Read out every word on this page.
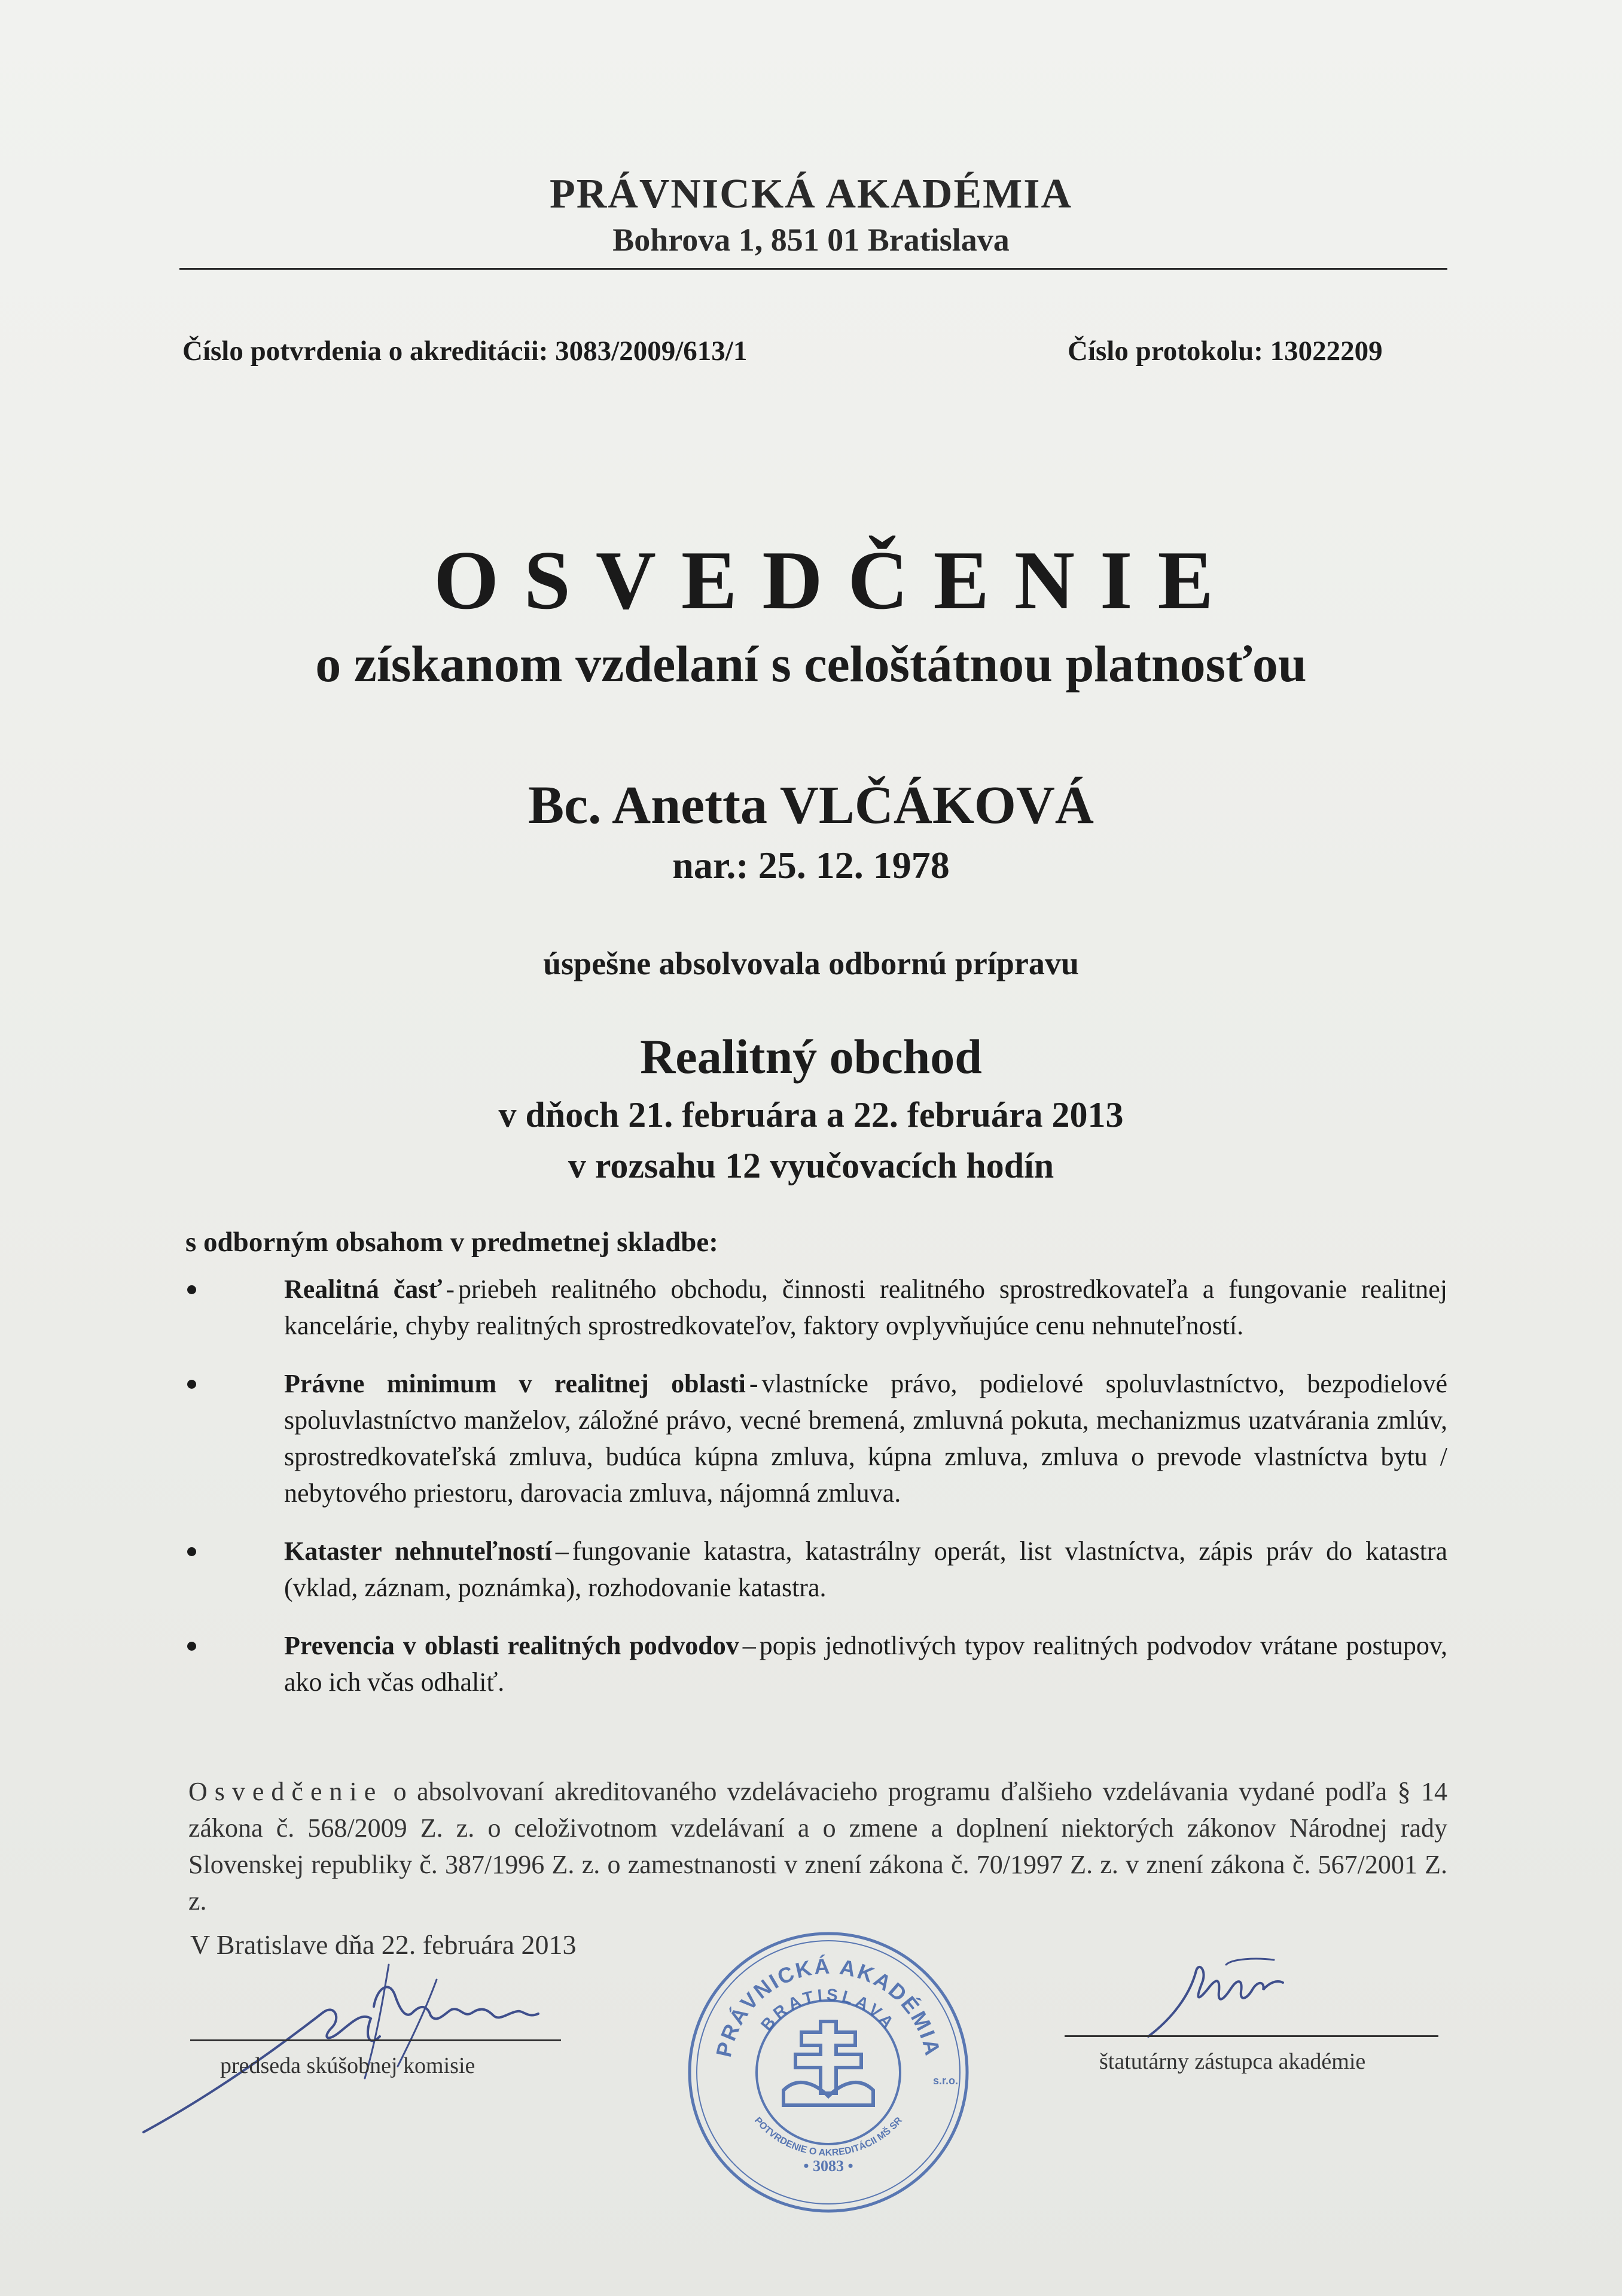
PRÁVNICKÁ AKADÉMIA
Bohrova 1, 851 01 Bratislava
Číslo potvrdenia o akreditácii: 3083/2009/613/1	Číslo protokolu: 13022209
OSVEDČENIE
o získanom vzdelaní s celoštátnou platnosťou
Bc. Anetta VLČÁKOVÁ
nar.: 25. 12. 1978
úspešne absolvovala odbornú prípravu
Realitný obchod
v dňoch 21. februára a 22. februára 2013
v rozsahu 12 vyučovacích hodín
s odborným obsahom v predmetnej skladbe:
Realitná časť - priebeh realitného obchodu, činnosti realitného sprostredkovateľa a fungovanie realitnej kancelárie, chyby realitných sprostredkovateľov, faktory ovplyvňujúce cenu nehnuteľností.
Právne minimum v realitnej oblasti - vlastnícke právo, podielové spoluvlastníctvo, bezpodielové spoluvlastníctvo manželov, záložné právo, vecné bremená, zmluvná pokuta, mechanizmus uzatvárania zmlúv, sprostredkovateľská zmluva, budúca kúpna zmluva, kúpna zmluva, zmluva o prevode vlastníctva bytu / nebytového priestoru, darovacia zmluva, nájomná zmluva.
Kataster nehnuteľností – fungovanie katastra, katastrálny operát, list vlastníctva, zápis práv do katastra (vklad, záznam, poznámka), rozhodovanie katastra.
Prevencia v oblasti realitných podvodov – popis jednotlivých typov realitných podvodov vrátane postupov, ako ich včas odhaliť.
Osvedčenie o absolvovaní akreditovaného vzdelávacieho programu ďalšieho vzdelávania vydané podľa § 14 zákona č. 568/2009 Z. z. o celoživotnom vzdelávaní a o zmene a doplnení niektorých zákonov Národnej rady Slovenskej republiky č. 387/1996 Z. z. o zamestnanosti v znení zákona č. 70/1997 Z. z. v znení zákona č. 567/2001 Z. z.
V Bratislave dňa 22. februára 2013
predseda skúšobnej komisie
PRÁVNICKÁ AKADÉMIA
BRATISLAVA
POTVRDENIE O AKREDITÁCII MŠ SR
s.r.o.
• 3083 •
štatutárny zástupca akadémie
